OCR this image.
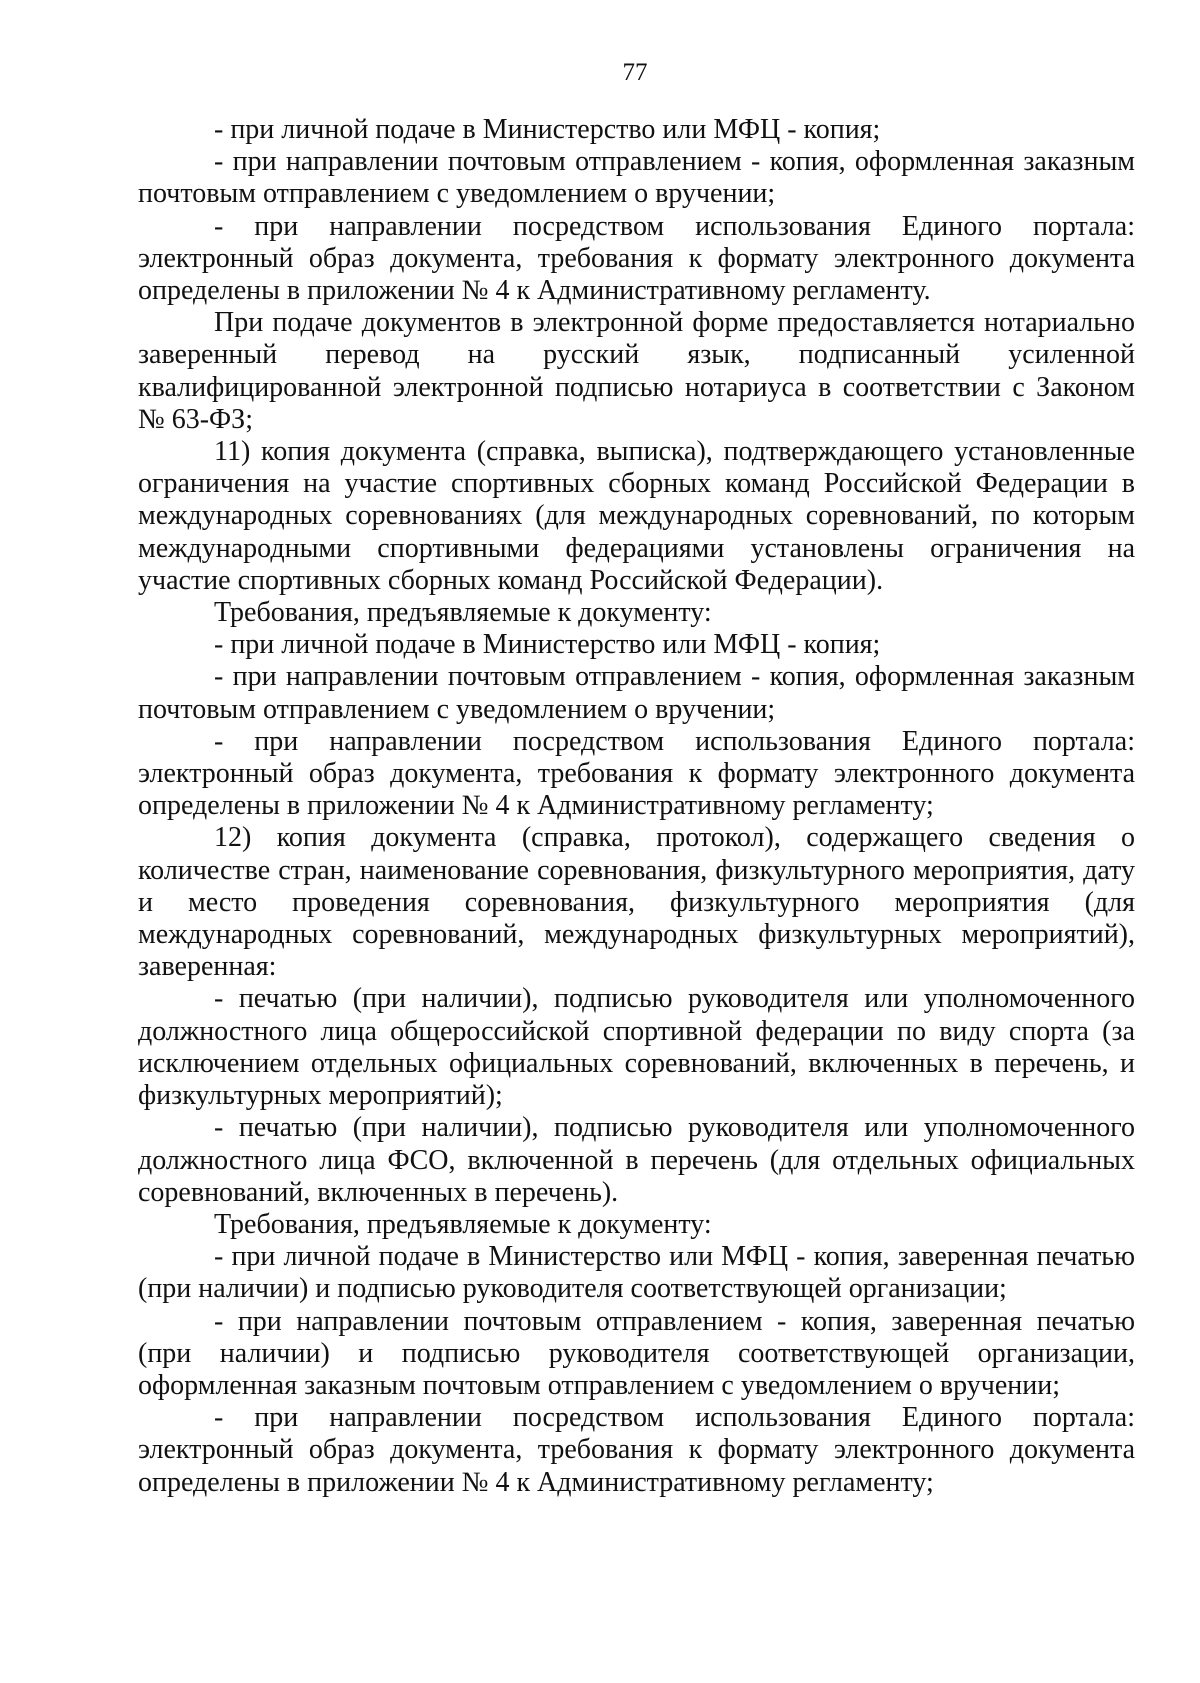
77

- при личной подаче в Министерство или МФЦ - копия;

- при направлении почтовым отправлением - копия, оформленная заказным почтовым отправлением с уведомлением о вручении;

- при направлении посредством использования Единого портала: электронный образ документа, требования к формату электронного документа определены в приложении № 4 к Административному регламенту.

При подаче документов в электронной форме предоставляется нотариально заверенный перевод на русский язык, подписанный усиленной квалифицированной электронной подписью нотариуса в соответствии с Законом № 63-ФЗ;

11) копия документа (справка, выписка), подтверждающего установленные ограничения на участие спортивных сборных команд Российской Федерации в международных соревнованиях (для международных соревнований, по которым международными спортивными федерациями установлены ограничения на участие спортивных сборных команд Российской Федерации).

Требования, предъявляемые к документу:

- при личной подаче в Министерство или МФЦ - копия;

- при направлении почтовым отправлением - копия, оформленная заказным почтовым отправлением с уведомлением о вручении;

- при направлении посредством использования Единого портала: электронный образ документа, требования к формату электронного документа определены в приложении № 4 к Административному регламенту;

12) копия документа (справка, протокол), содержащего сведения о количестве стран, наименование соревнования, физкультурного мероприятия, дату и место проведения соревнования, физкультурного мероприятия (для международных соревнований, международных физкультурных мероприятий), заверенная:

- печатью (при наличии), подписью руководителя или уполномоченного должностного лица общероссийской спортивной федерации по виду спорта (за исключением отдельных официальных соревнований, включенных в перечень, и физкультурных мероприятий);

- печатью (при наличии), подписью руководителя или уполномоченного должностного лица ФСО, включенной в перечень (для отдельных официальных соревнований, включенных в перечень).

Требования, предъявляемые к документу:

- при личной подаче в Министерство или МФЦ - копия, заверенная печатью (при наличии) и подписью руководителя соответствующей организации;

- при направлении почтовым отправлением - копия, заверенная печатью (при наличии) и подписью руководителя соответствующей организации, оформленная заказным почтовым отправлением с уведомлением о вручении;

- при направлении посредством использования Единого портала: электронный образ документа, требования к формату электронного документа определены в приложении № 4 к Административному регламенту;
